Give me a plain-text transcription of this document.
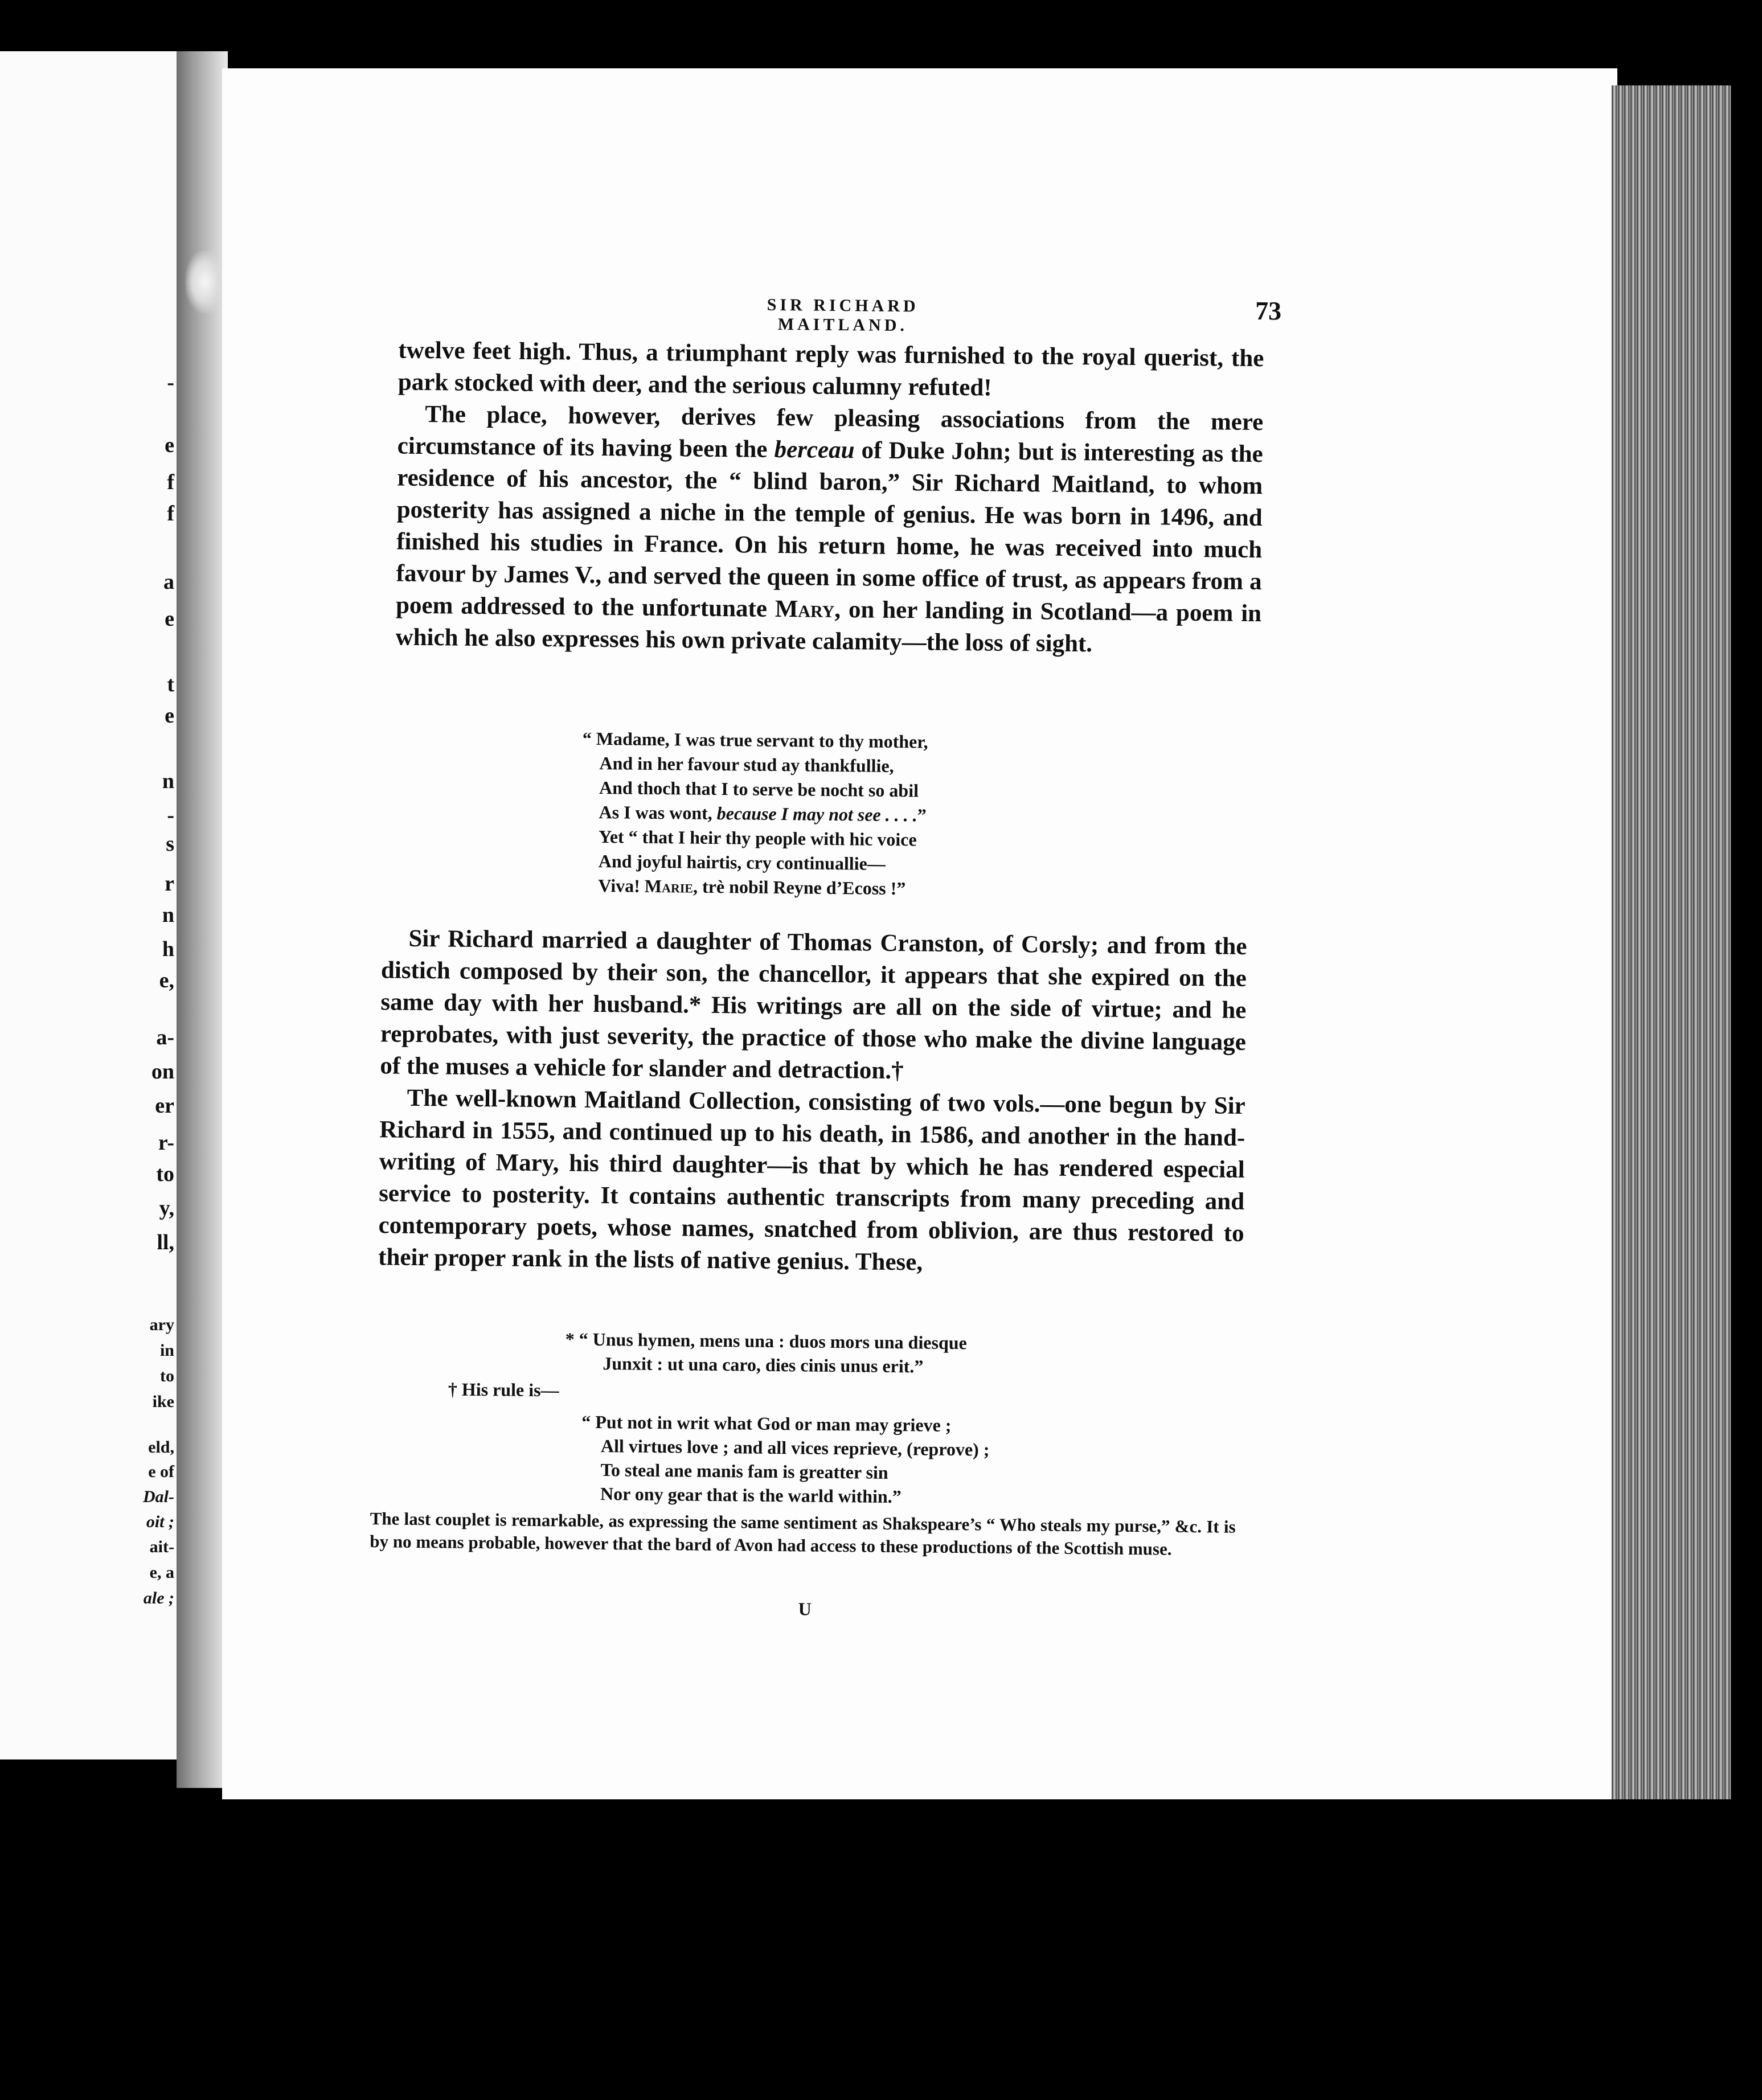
-
e
f
f
a
e
t
e
n
-
s
r
n
h
e,
a-
on
er
r-
to
y,
ll,
ary
in
to
ike
eld,
e of
Dal-
oit ;
ait-
e, a
ale ;
SIR RICHARD MAITLAND.	73

twelve feet high. Thus, a triumphant reply was furnished to the royal querist, the park stocked with deer, and the serious calumny refuted!

The place, however, derives few pleasing associations from the mere circumstance of its having been the berceau of Duke John; but is interesting as the residence of his ancestor, the “ blind baron,” Sir Richard Maitland, to whom posterity has assigned a niche in the temple of genius. He was born in 1496, and finished his studies in France. On his return home, he was received into much favour by James V., and served the queen in some office of trust, as appears from a poem addressed to the unfortunate Mary, on her landing in Scotland—a poem in which he also expresses his own private calamity—the loss of sight.

“ Madame, I was true servant to thy mother,
And in her favour stud ay thankfullie,
And thoch that I to serve be nocht so abil
As I was wont, because I may not see . . . .”
Yet “ that I heir thy people with hic voice
And joyful hairtis, cry continuallie—
Viva! Marie, trè nobil Reyne d’Ecoss !”

Sir Richard married a daughter of Thomas Cranston, of Corsly; and from the distich composed by their son, the chancellor, it appears that she expired on the same day with her husband.* His writings are all on the side of virtue; and he reprobates, with just severity, the practice of those who make the divine language of the muses a vehicle for slander and detraction.†

The well-known Maitland Collection, consisting of two vols.—one begun by Sir Richard in 1555, and continued up to his death, in 1586, and another in the hand-writing of Mary, his third daughter—is that by which he has rendered especial service to posterity. It contains authentic transcripts from many preceding and contemporary poets, whose names, snatched from oblivion, are thus restored to their proper rank in the lists of native genius. These,

* “ Unus hymen, mens una : duos mors una diesque
Junxit : ut una caro, dies cinis unus erit.”
† His rule is—
“ Put not in writ what God or man may grieve ;
All virtues love ; and all vices reprieve, (reprove) ;
To steal ane manis fam is greatter sin
Nor ony gear that is the warld within.”
The last couplet is remarkable, as expressing the same sentiment as Shakspeare’s “ Who steals my purse,” &c. It is by no means probable, however that the bard of Avon had access to these productions of the Scottish muse.
U
